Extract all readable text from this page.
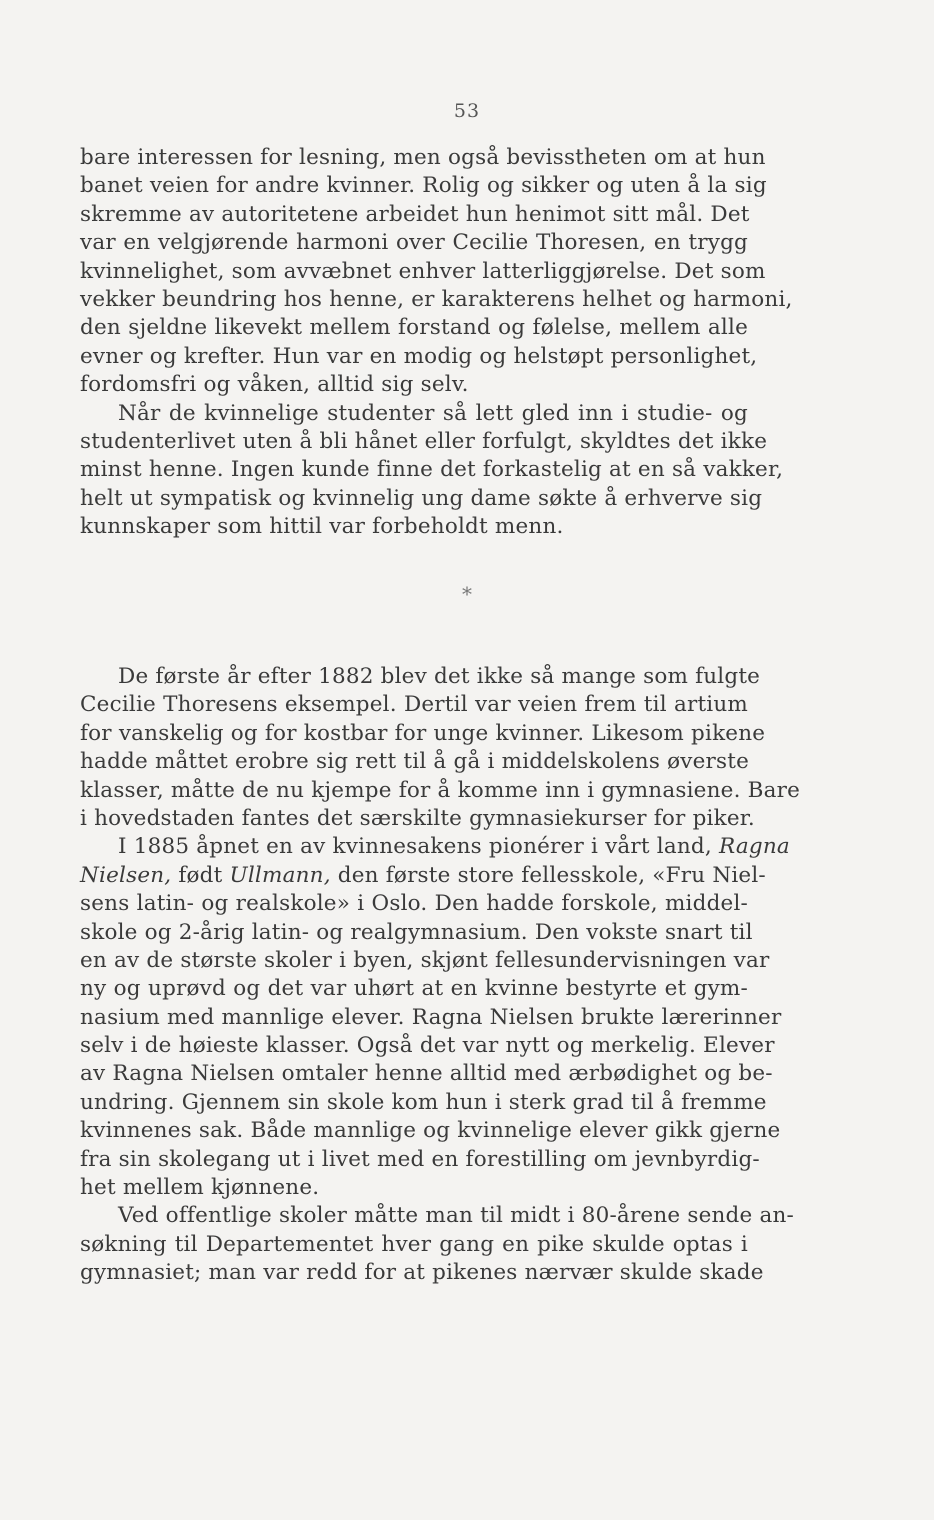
53
bare interessen for lesning, men også bevisstheten om at hun
banet veien for andre kvinner. Rolig og sikker og uten å la sig
skremme av autoritetene arbeidet hun henimot sitt mål. Det
var en velgjørende harmoni over Cecilie Thoresen, en trygg
kvinnelighet, som avvæbnet enhver latterliggjørelse. Det som
vekker beundring hos henne, er karakterens helhet og harmoni,
den sjeldne likevekt mellem forstand og følelse, mellem alle
evner og krefter. Hun var en modig og helstøpt personlighet,
fordomsfri og våken, alltid sig selv.
Når de kvinnelige studenter så lett gled inn i studie- og
studenterlivet uten å bli hånet eller forfulgt, skyldtes det ikke
minst henne. Ingen kunde finne det forkastelig at en så vakker,
helt ut sympatisk og kvinnelig ung dame søkte å erhverve sig
kunnskaper som hittil var forbeholdt menn.
*
De første år efter 1882 blev det ikke så mange som fulgte
Cecilie Thoresens eksempel. Dertil var veien frem til artium
for vanskelig og for kostbar for unge kvinner. Likesom pikene
hadde måttet erobre sig rett til å gå i middelskolens øverste
klasser, måtte de nu kjempe for å komme inn i gymnasiene. Bare
i hovedstaden fantes det særskilte gymnasiekurser for piker.
I 1885 åpnet en av kvinnesakens pionérer i vårt land, Ragna
Nielsen, født Ullmann, den første store fellesskole, «Fru Niel-
sens latin- og realskole» i Oslo. Den hadde forskole, middel-
skole og 2-årig latin- og realgymnasium. Den vokste snart til
en av de største skoler i byen, skjønt fellesundervisningen var
ny og uprøvd og det var uhørt at en kvinne bestyrte et gym-
nasium med mannlige elever. Ragna Nielsen brukte lærerinner
selv i de høieste klasser. Også det var nytt og merkelig. Elever
av Ragna Nielsen omtaler henne alltid med ærbødighet og be-
undring. Gjennem sin skole kom hun i sterk grad til å fremme
kvinnenes sak. Både mannlige og kvinnelige elever gikk gjerne
fra sin skolegang ut i livet med en forestilling om jevnbyrdig-
het mellem kjønnene.
Ved offentlige skoler måtte man til midt i 80-årene sende an-
søkning til Departementet hver gang en pike skulde optas i
gymnasiet; man var redd for at pikenes nærvær skulde skade
